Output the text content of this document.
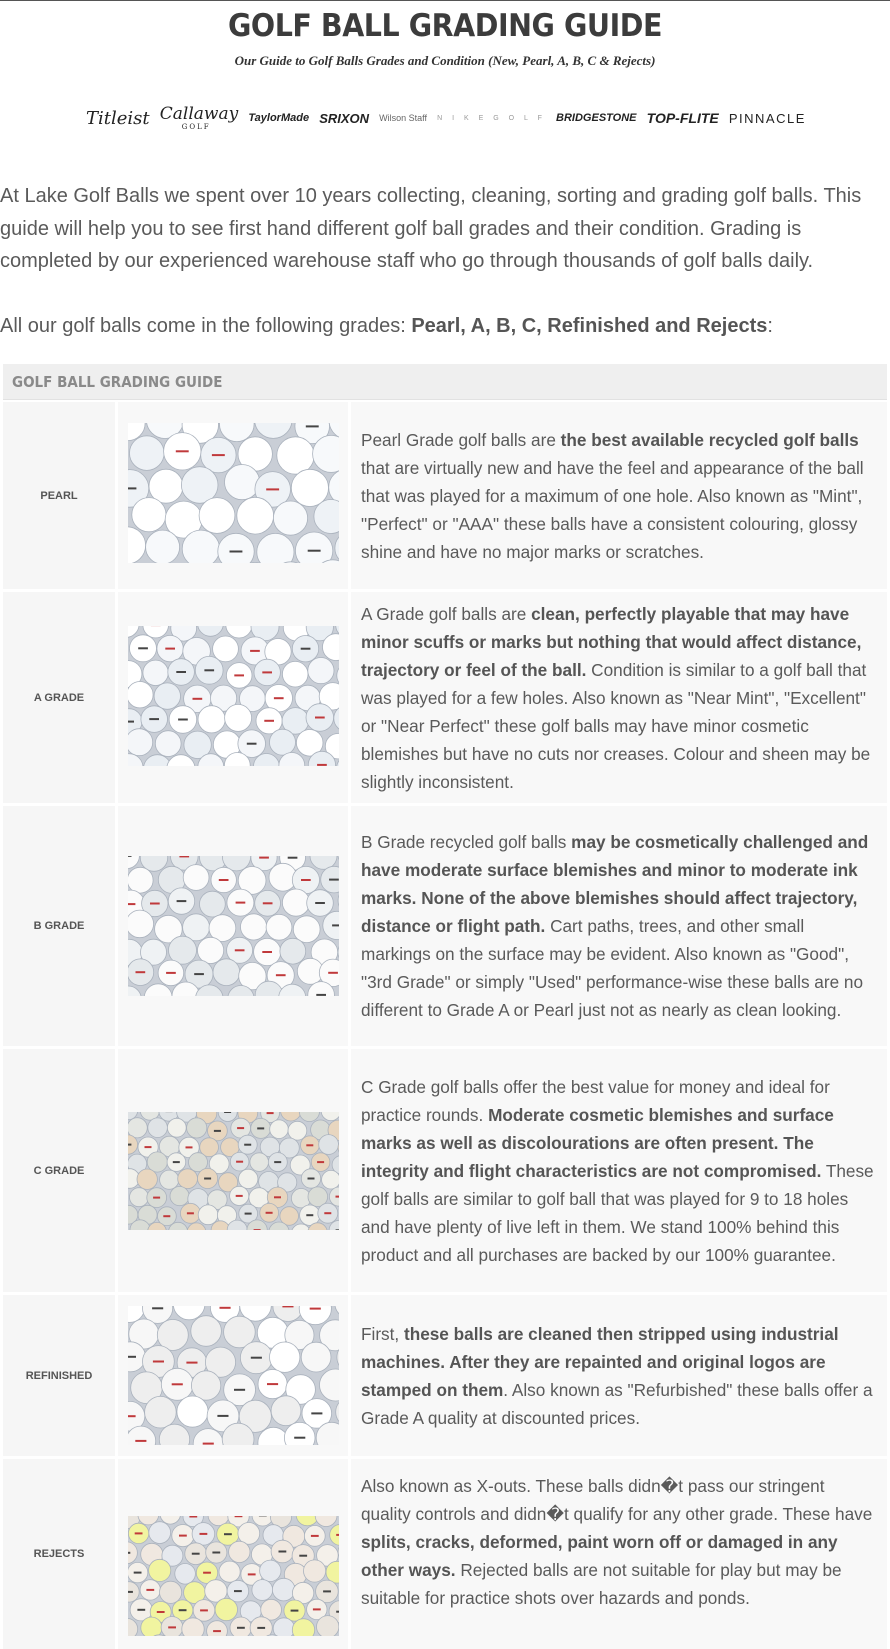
GOLF BALL GRADING GUIDE
Our Guide to Golf Balls Grades and Condition (New, Pearl, A, B, C & Rejects)
Titleist Callaway
GOLF
TaylorMade SRIXON Wilson Staff N I K E G O L F BRIDGESTONE TOP-FLITE PINNACLE

At Lake Golf Balls we spent over 10 years collecting, cleaning, sorting and grading golf balls. This guide will help you to see first hand different golf ball grades and their condition. Grading is completed by our experienced warehouse staff who go through thousands of golf balls daily.

All our golf balls come in the following grades: Pearl, A, B, C, Refinished and Rejects:

GOLF BALL GRADING GUIDE
PEARL

Pearl Grade golf balls are the best available recycled golf balls that are virtually new and have the feel and appearance of the ball that was played for a maximum of one hole. Also known as "Mint", "Perfect" or "AAA" these balls have a consistent colouring, glossy shine and have no major marks or scratches.

A GRADE

A Grade golf balls are clean, perfectly playable that may have minor scuffs or marks but nothing that would affect distance, trajectory or feel of the ball. Condition is similar to a golf ball that was played for a few holes. Also known as "Near Mint", "Excellent" or "Near Perfect" these golf balls may have minor cosmetic blemishes but have no cuts nor creases. Colour and sheen may be slightly inconsistent.

B GRADE

B Grade recycled golf balls may be cosmetically challenged and have moderate surface blemishes and minor to moderate ink marks. None of the above blemishes should affect trajectory, distance or flight path. Cart paths, trees, and other small markings on the surface may be evident. Also known as "Good", "3rd Grade" or simply "Used" performance-wise these balls are no different to Grade A or Pearl just not as nearly as clean looking.

C GRADE

C Grade golf balls offer the best value for money and ideal for practice rounds. Moderate cosmetic blemishes and surface marks as well as discolourations are often present. The integrity and flight characteristics are not compromised. These golf balls are similar to golf ball that was played for 9 to 18 holes and have plenty of live left in them. We stand 100% behind this product and all purchases are backed by our 100% guarantee.

REFINISHED

First, these balls are cleaned then stripped using industrial machines. After they are repainted and original logos are stamped on them. Also known as "Refurbished" these balls offer a Grade A quality at discounted prices.

REJECTS

Also known as X-outs. These balls didn�t pass our stringent quality controls and didn�t qualify for any other grade. These have splits, cracks, deformed, paint worn off or damaged in any other ways. Rejected balls are not suitable for play but may be suitable for practice shots over hazards and ponds.
